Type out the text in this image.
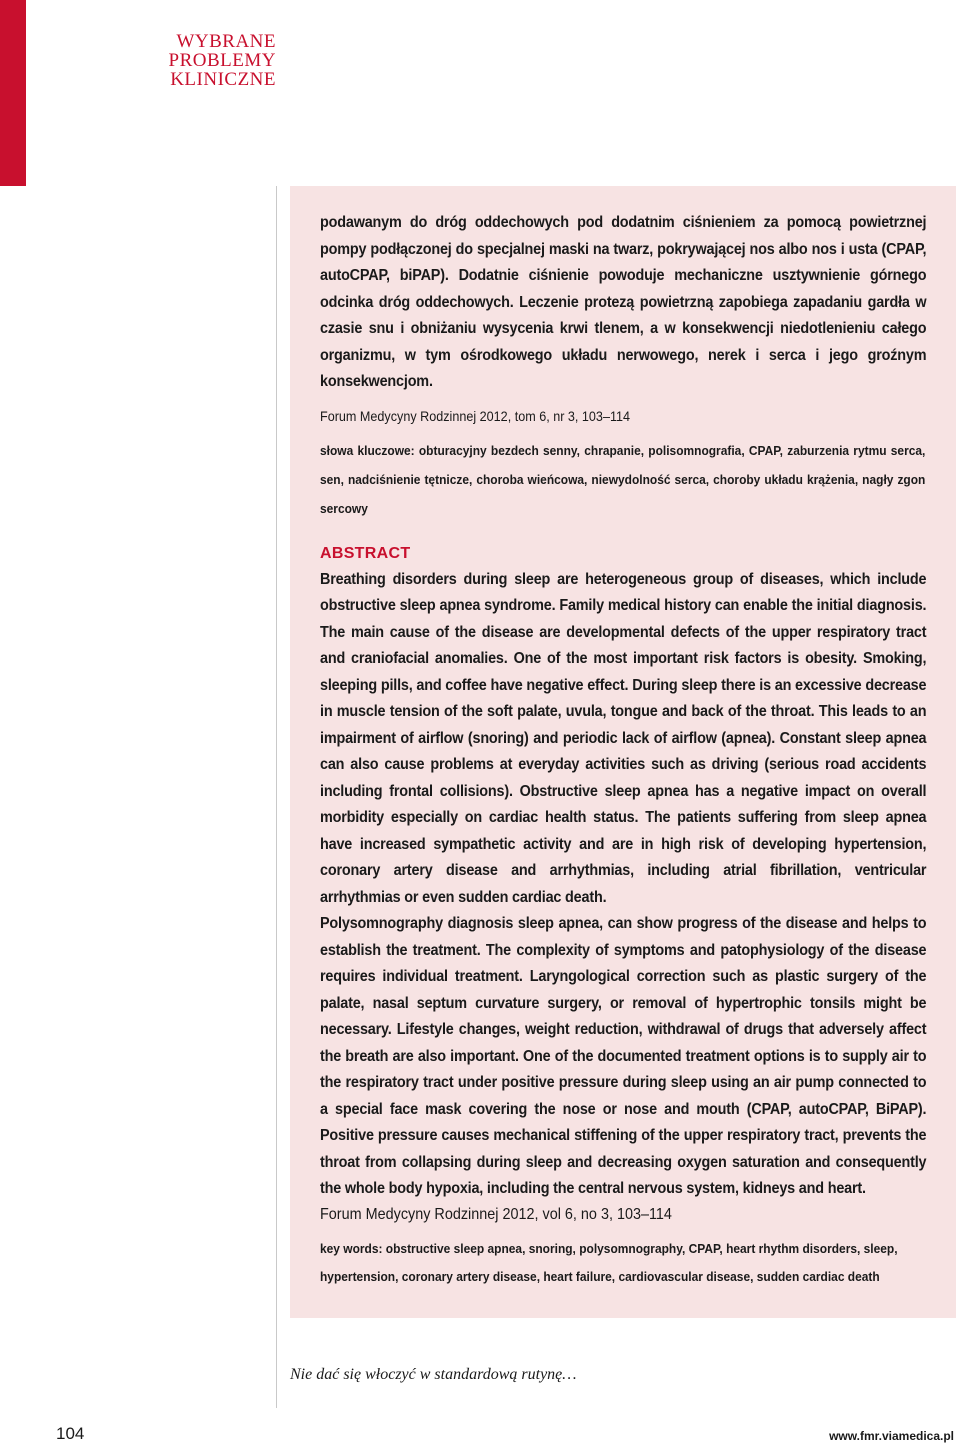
WYBRANE
PROBLEMY
KLINICZNE

podawanym do dróg oddechowych pod dodatnim ciśnieniem za pomocą powietrznej pompy podłączonej do specjalnej maski na twarz, pokrywającej nos albo nos i usta (CPAP, autoCPAP, biPAP). Dodatnie ciśnienie powoduje mechaniczne usztywnienie górnego odcinka dróg oddechowych. Leczenie protezą powietrzną zapobiega zapadaniu gardła w czasie snu i obniżaniu wysycenia krwi tlenem, a w konsekwencji niedotlenieniu całego organizmu, w tym ośrodkowego układu nerwowego, nerek i serca i jego groźnym konsekwencjom.

Forum Medycyny Rodzinnej 2012, tom 6, nr 3, 103–114

słowa kluczowe: obturacyjny bezdech senny, chrapanie, polisomnografia, CPAP, zaburzenia rytmu serca, sen, nadciśnienie tętnicze, choroba wieńcowa, niewydolność serca, choroby układu krążenia, nagły zgon sercowy

ABSTRACT

Breathing disorders during sleep are heterogeneous group of diseases, which include obstructive sleep apnea syndrome. Family medical history can enable the initial diagnosis. The main cause of the disease are developmental defects of the upper respiratory tract and craniofacial anomalies. One of the most important risk factors is obesity. Smoking, sleeping pills, and coffee have negative effect. During sleep there is an excessive decrease in muscle tension of the soft palate, uvula, tongue and back of the throat. This leads to an impairment of airflow (snoring) and periodic lack of airflow (apnea). Constant sleep apnea can also cause problems at everyday activities such as driving (serious road accidents including frontal collisions). Obstructive sleep apnea has a negative impact on overall morbidity especially on cardiac health status. The patients suffering from sleep apnea have increased sympathetic activity and are in high risk of developing hypertension, coronary artery disease and arrhythmias, including atrial fibrillation, ventricular arrhythmias or even sudden cardiac death.

Polysomnography diagnosis sleep apnea, can show progress of the disease and helps to establish the treatment. The complexity of symptoms and patophysiology of the disease requires individual treatment. Laryngological correction such as plastic surgery of the palate, nasal septum curvature surgery, or removal of hypertrophic tonsils might be necessary. Lifestyle changes, weight reduction, withdrawal of drugs that adversely affect the breath are also important. One of the documented treatment options is to supply air to the respiratory tract under positive pressure during sleep using an air pump connected to a special face mask covering the nose or nose and mouth (CPAP, autoCPAP, BiPAP). Positive pressure causes mechanical stiffening of the upper respiratory tract, prevents the throat from collapsing during sleep and decreasing oxygen saturation and consequently the whole body hypoxia, including the central nervous system, kidneys and heart.

Forum Medycyny Rodzinnej 2012, vol 6, no 3, 103–114

key words: obstructive sleep apnea, snoring, polysomnography, CPAP, heart rhythm disorders, sleep, hypertension, coronary artery disease, heart failure, cardiovascular disease, sudden cardiac death

Nie dać się włoczyć w standardową rutynę…
104	www.fmr.viamedica.pl
